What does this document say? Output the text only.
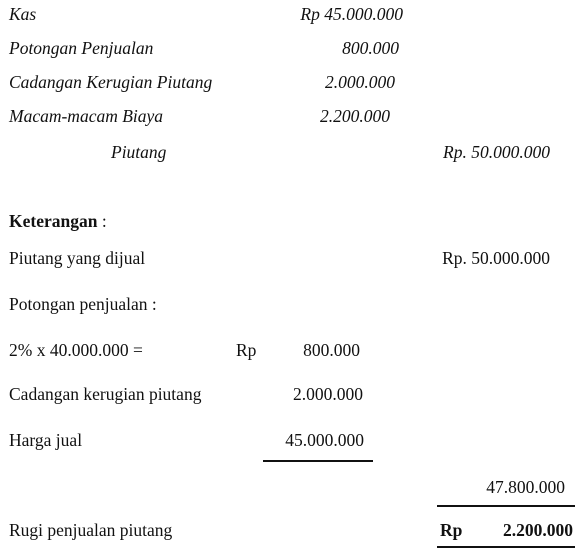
Kas	Rp 45.000.000
Potongan Penjualan	800.000
Cadangan Kerugian Piutang	2.000.000
Macam-macam Biaya	2.200.000
Piutang	Rp. 50.000.000
Keterangan :
Piutang yang dijual	Rp. 50.000.000
Potongan penjualan :
2% x 40.000.000 =	Rp	800.000
Cadangan kerugian piutang	2.000.000
Harga jual	45.000.000
47.800.000
Rugi penjualan piutang	Rp 2.200.000
